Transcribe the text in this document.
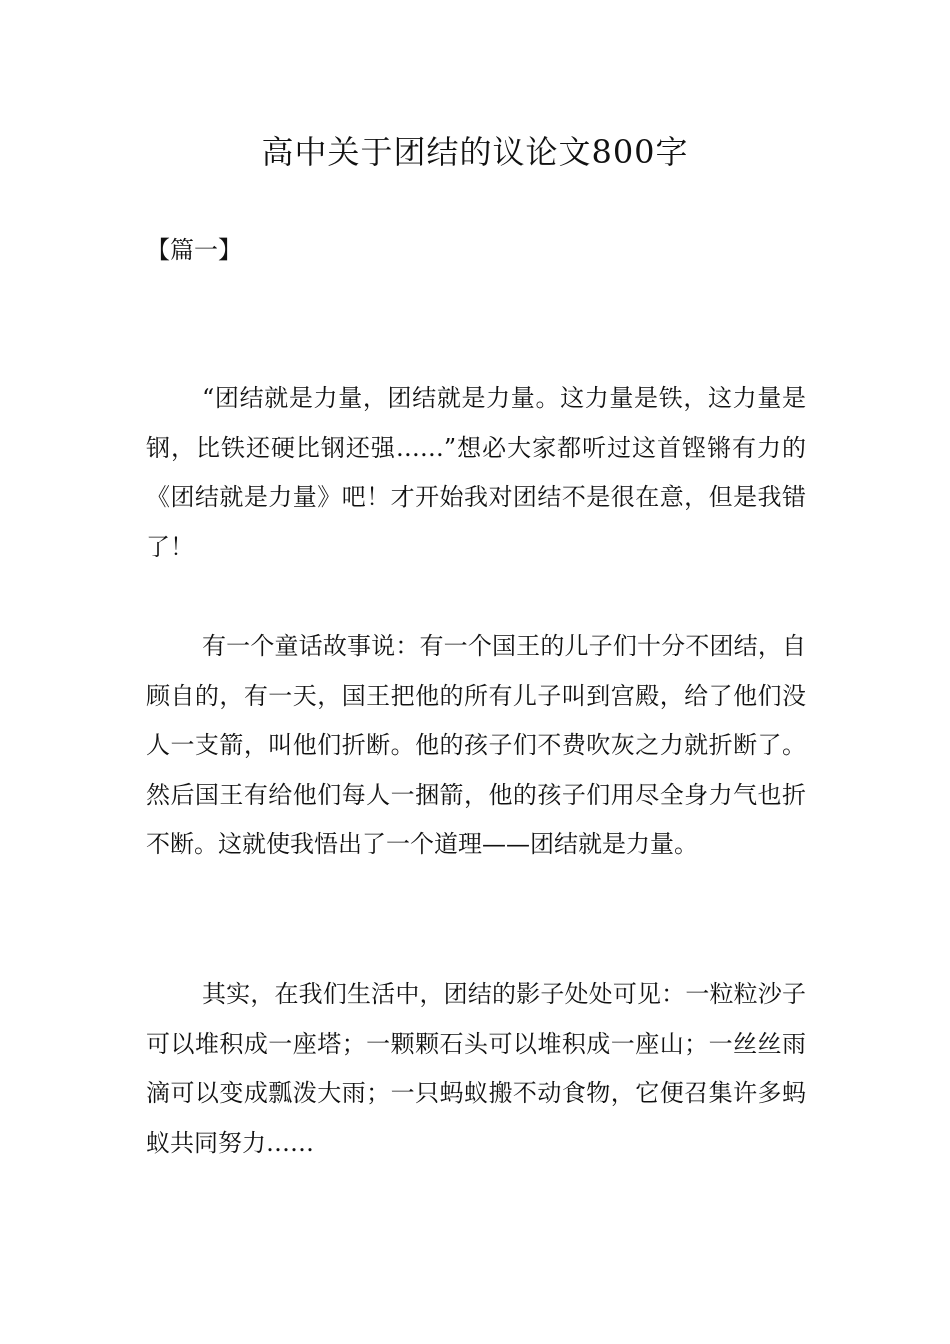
高中关于团结的议论文800字

【篇一】

“团结就是力量，团结就是力量。这力量是铁，这力量是钢，比铁还硬比钢还强……”想必大家都听过这首铿锵有力的《团结就是力量》吧！才开始我对团结不是很在意，但是我错了！

有一个童话故事说：有一个国王的儿子们十分不团结，自顾自的，有一天，国王把他的所有儿子叫到宫殿，给了他们没人一支箭，叫他们折断。他的孩子们不费吹灰之力就折断了。然后国王有给他们每人一捆箭，他的孩子们用尽全身力气也折不断。这就使我悟出了一个道理——团结就是力量。

其实，在我们生活中，团结的影子处处可见：一粒粒沙子可以堆积成一座塔；一颗颗石头可以堆积成一座山；一丝丝雨滴可以变成瓢泼大雨；一只蚂蚁搬不动食物，它便召集许多蚂蚁共同努力……
